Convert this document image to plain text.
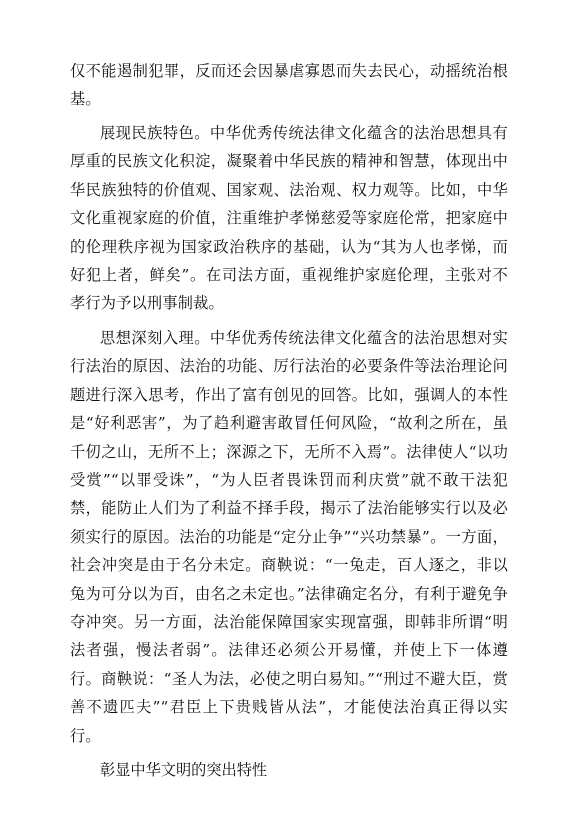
仅不能遏制犯罪，反而还会因暴虐寡恩而失去民心，动摇统治根基。

展现民族特色。中华优秀传统法律文化蕴含的法治思想具有厚重的民族文化积淀，凝聚着中华民族的精神和智慧，体现出中华民族独特的价值观、国家观、法治观、权力观等。比如，中华文化重视家庭的价值，注重维护孝悌慈爱等家庭伦常，把家庭中的伦理秩序视为国家政治秩序的基础，认为“其为人也孝悌，而好犯上者，鲜矣”。在司法方面，重视维护家庭伦理，主张对不孝行为予以刑事制裁。

思想深刻入理。中华优秀传统法律文化蕴含的法治思想对实行法治的原因、法治的功能、厉行法治的必要条件等法治理论问题进行深入思考，作出了富有创见的回答。比如，强调人的本性是“好利恶害”，为了趋利避害敢冒任何风险，“故利之所在，虽千仞之山，无所不上；深源之下，无所不入焉”。法律使人“以功受赏”“以罪受诛”，“为人臣者畏诛罚而利庆赏”就不敢干法犯禁，能防止人们为了利益不择手段，揭示了法治能够实行以及必须实行的原因。法治的功能是“定分止争”“兴功禁暴”。一方面，社会冲突是由于名分未定。商鞅说：“一兔走，百人逐之，非以兔为可分以为百，由名之未定也。”法律确定名分，有利于避免争夺冲突。另一方面，法治能保障国家实现富强，即韩非所谓“明法者强，慢法者弱”。法律还必须公开易懂，并使上下一体遵行。商鞅说：“圣人为法，必使之明白易知。”“刑过不避大臣，赏善不遗匹夫”“君臣上下贵贱皆从法”，才能使法治真正得以实行。

彰显中华文明的突出特性
